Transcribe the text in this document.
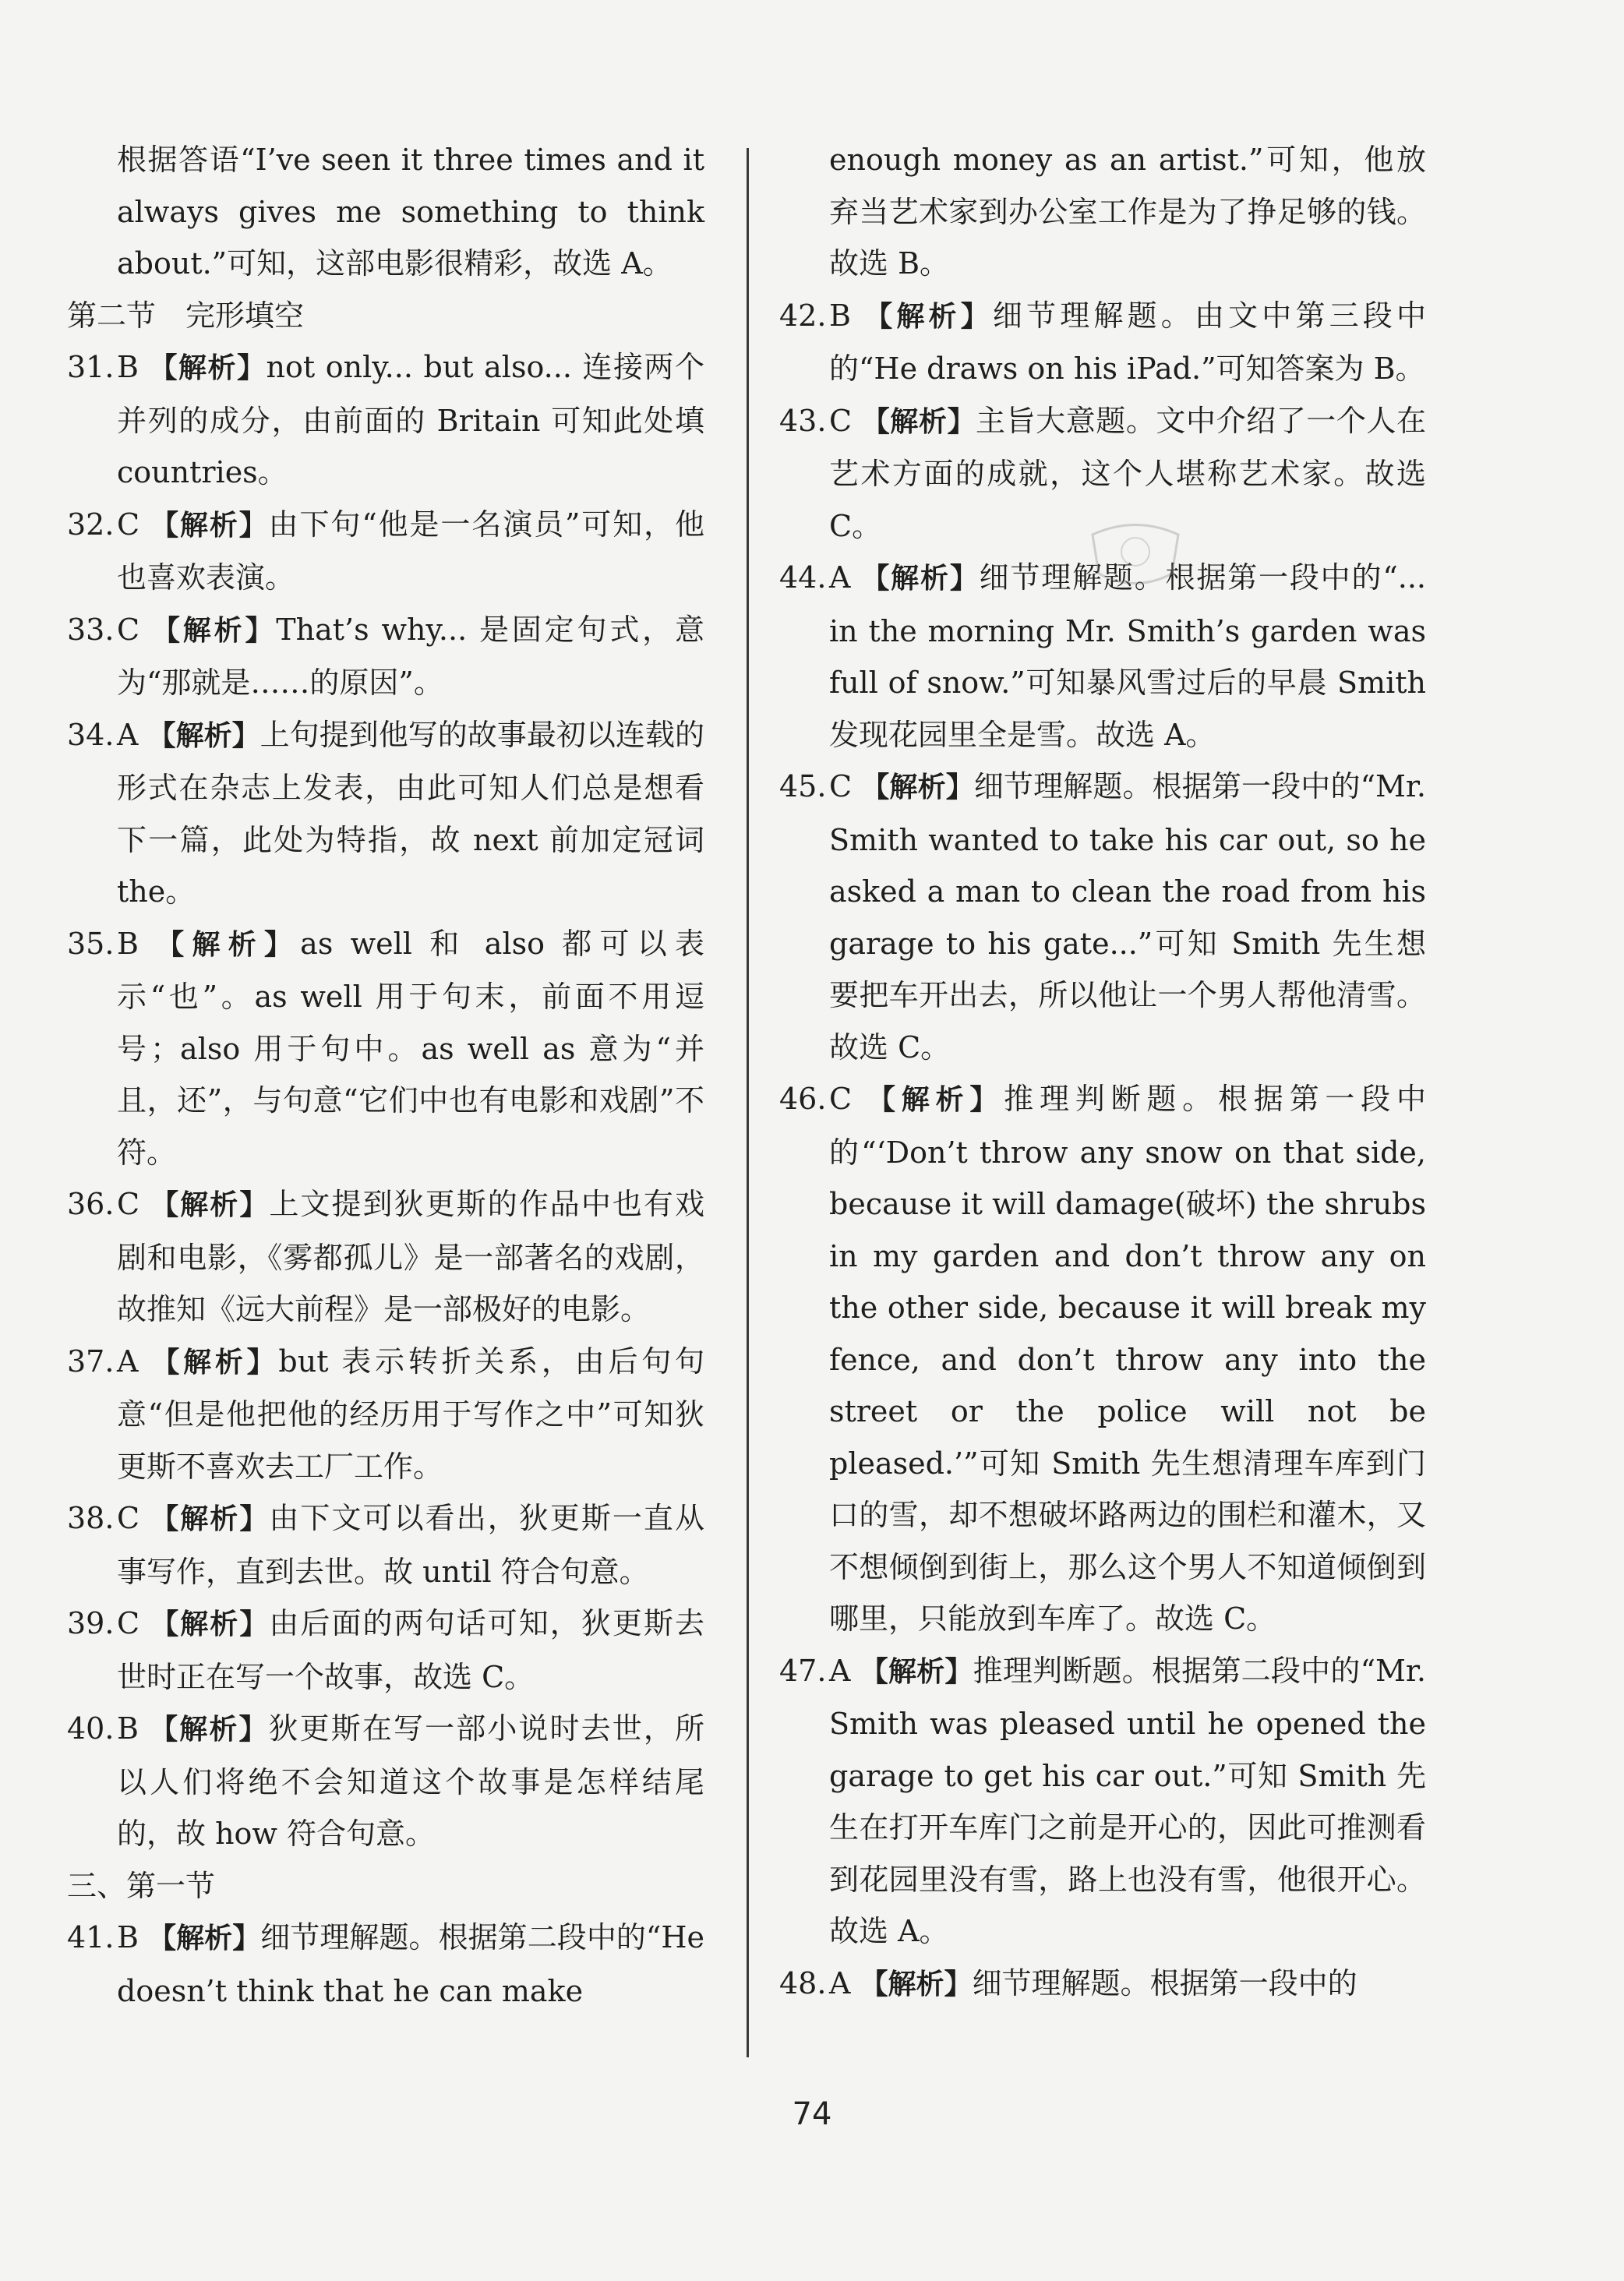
根据答语“I’ve seen it three times and it always gives me something to think about.”可知，这部电影很精彩，故选 A。

第二节　完形填空

31.B 【解析】not only... but also... 连接两个并列的成分，由前面的 Britain 可知此处填 countries。

32.C 【解析】由下句“他是一名演员”可知，他也喜欢表演。

33.C 【解析】That’s why... 是固定句式，意为“那就是……的原因”。

34.A 【解析】上句提到他写的故事最初以连载的形式在杂志上发表，由此可知人们总是想看下一篇，此处为特指，故 next 前加定冠词 the。

35.B 【解析】as well 和 also 都可以表示“也”。as well 用于句末，前面不用逗号；also 用于句中。as well as 意为“并且，还”，与句意“它们中也有电影和戏剧”不符。

36.C 【解析】上文提到狄更斯的作品中也有戏剧和电影，《雾都孤儿》是一部著名的戏剧，故推知《远大前程》是一部极好的电影。

37.A 【解析】but 表示转折关系，由后句句意“但是他把他的经历用于写作之中”可知狄更斯不喜欢去工厂工作。

38.C 【解析】由下文可以看出，狄更斯一直从事写作，直到去世。故 until 符合句意。

39.C 【解析】由后面的两句话可知，狄更斯去世时正在写一个故事，故选 C。

40.B 【解析】狄更斯在写一部小说时去世，所以人们将绝不会知道这个故事是怎样结尾的，故 how 符合句意。

三、第一节

41.B 【解析】细节理解题。根据第二段中的“He doesn’t think that he can make

enough money as an artist.”可知，他放弃当艺术家到办公室工作是为了挣足够的钱。故选 B。

42.B 【解析】细节理解题。由文中第三段中的“He draws on his iPad.”可知答案为 B。

43.C 【解析】主旨大意题。文中介绍了一个人在艺术方面的成就，这个人堪称艺术家。故选 C。

44.A 【解析】细节理解题。根据第一段中的“... in the morning Mr. Smith’s garden was full of snow.”可知暴风雪过后的早晨 Smith 发现花园里全是雪。故选 A。

45.C 【解析】细节理解题。根据第一段中的“Mr. Smith wanted to take his car out, so he asked a man to clean the road from his garage to his gate...”可知 Smith 先生想要把车开出去，所以他让一个男人帮他清雪。故选 C。

46.C 【解析】推理判断题。根据第一段中的“‘Don’t throw any snow on that side, because it will damage(破坏) the shrubs in my garden and don’t throw any on the other side, because it will break my fence, and don’t throw any into the street or the police will not be pleased.’”可知 Smith 先生想清理车库到门口的雪，却不想破坏路两边的围栏和灌木，又不想倾倒到街上，那么这个男人不知道倾倒到哪里，只能放到车库了。故选 C。

47.A 【解析】推理判断题。根据第二段中的“Mr. Smith was pleased until he opened the garage to get his car out.”可知 Smith 先生在打开车库门之前是开心的，因此可推测看到花园里没有雪，路上也没有雪，他很开心。故选 A。

48.A 【解析】细节理解题。根据第一段中的

74
